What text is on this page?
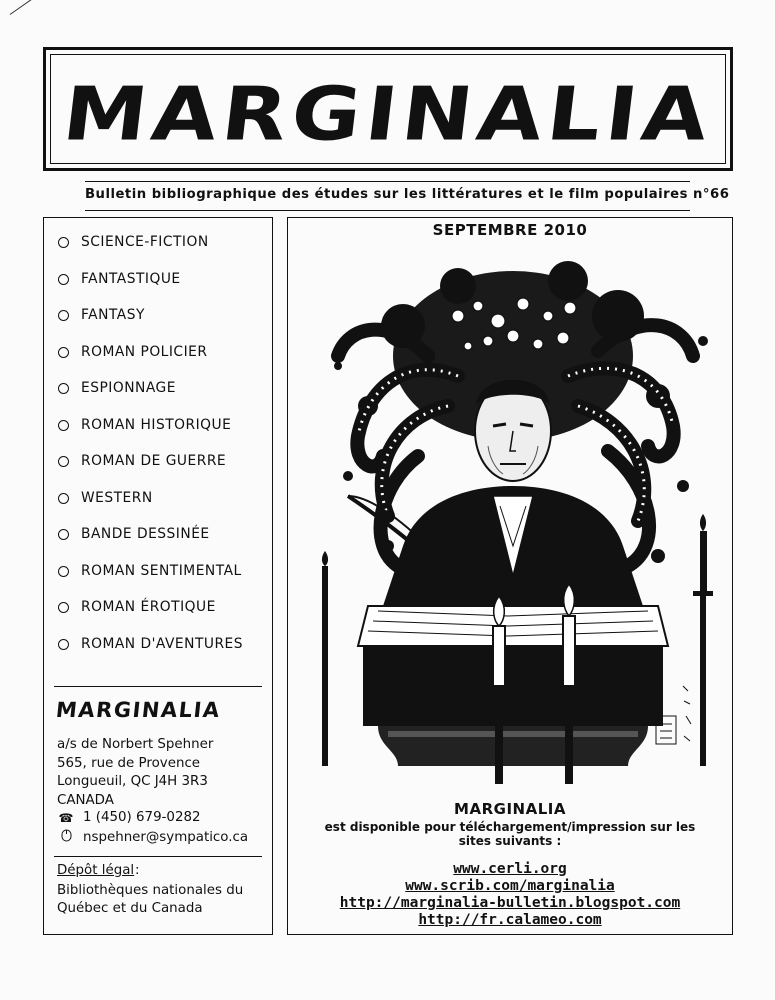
MARGINALIA
Bulletin bibliographique des études sur les littératures et le film populaires n°66
SCIENCE-FICTION
FANTASTIQUE
FANTASY
ROMAN POLICIER
ESPIONNAGE
ROMAN HISTORIQUE
ROMAN DE GUERRE
WESTERN
BANDE DESSINÉE
ROMAN SENTIMENTAL
ROMAN ÉROTIQUE
ROMAN D'AVENTURES
MARGINALIA
a/s de Norbert Spehner
565, rue de Provence
Longueuil, QC J4H 3R3
CANADA
☎ 1 (450) 679-0282
nspehner@sympatico.ca
Dépôt légal :
Bibliothèques nationales du Québec et du Canada
SEPTEMBRE 2010
MARGINALIA
est disponible pour téléchargement/impression sur les sites suivants :
www.cerli.org
www.scrib.com/marginalia
http://marginalia-bulletin.blogspot.com
http://fr.calameo.com
